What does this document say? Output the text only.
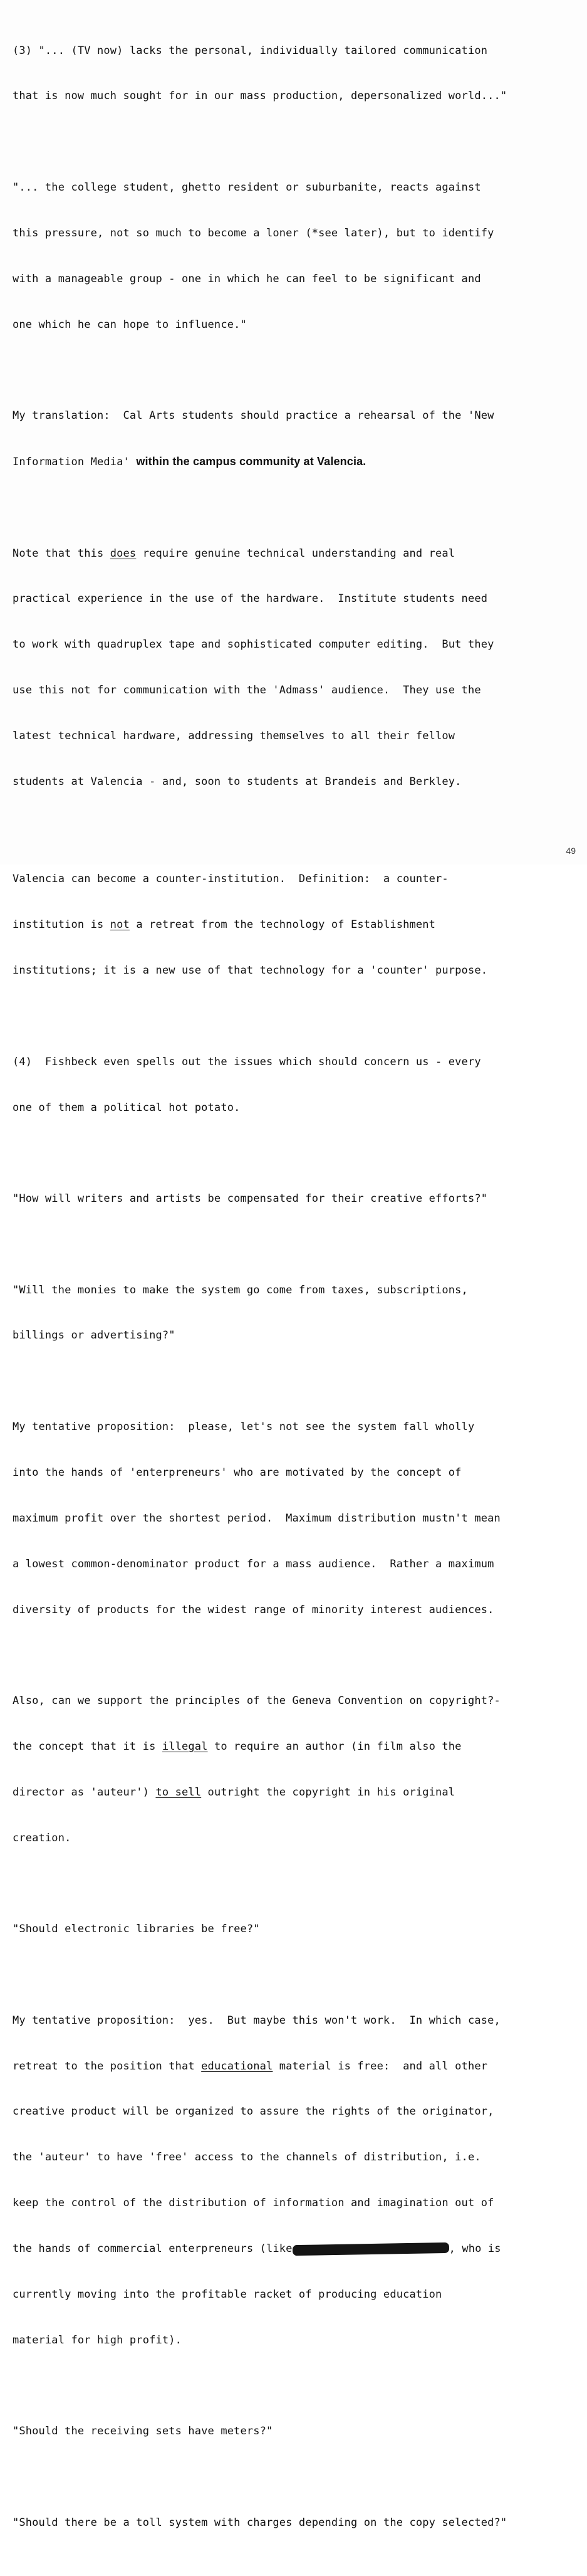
(3) "... (TV now) lacks the personal, individually tailored communication

that is now much sought for in our mass production, depersonalized world..."

"... the college student, ghetto resident or suburbanite, reacts against

this pressure, not so much to become a loner (*see later), but to identify

with a manageable group - one in which he can feel to be significant and

one which he can hope to influence."

My translation:  Cal Arts students should practice a rehearsal of the 'New

Information Media' within the campus community at Valencia.

Note that this does require genuine technical understanding and real

practical experience in the use of the hardware.  Institute students need

to work with quadruplex tape and sophisticated computer editing.  But they

use this not for communication with the 'Admass' audience.  They use the

latest technical hardware, addressing themselves to all their fellow

students at Valencia - and, soon to students at Brandeis and Berkley.

Valencia can become a counter-institution.  Definition:  a counter-

institution is not a retreat from the technology of Establishment

institutions; it is a new use of that technology for a 'counter' purpose.

(4)  Fishbeck even spells out the issues which should concern us - every

one of them a political hot potato.

"How will writers and artists be compensated for their creative efforts?"

"Will the monies to make the system go come from taxes, subscriptions,

billings or advertising?"

My tentative proposition:  please, let's not see the system fall wholly

into the hands of 'enterpreneurs' who are motivated by the concept of

maximum profit over the shortest period.  Maximum distribution mustn't mean

a lowest common-denominator product for a mass audience.  Rather a maximum

diversity of products for the widest range of minority interest audiences.

Also, can we support the principles of the Geneva Convention on copyright?-

the concept that it is illegal to require an author (in film also the

director as 'auteur') to sell outright the copyright in his original

creation.

"Should electronic libraries be free?"

My tentative proposition:  yes.  But maybe this won't work.  In which case,

retreat to the position that educational material is free:  and all other

creative product will be organized to assure the rights of the originator,

the 'auteur' to have 'free' access to the channels of distribution, i.e.

keep the control of the distribution of information and imagination out of

the hands of commercial enterpreneurs (like	, who is

currently moving into the profitable racket of producing education

material for high profit).

"Should the receiving sets have meters?"

"Should there be a toll system with charges depending on the copy selected?"

49
